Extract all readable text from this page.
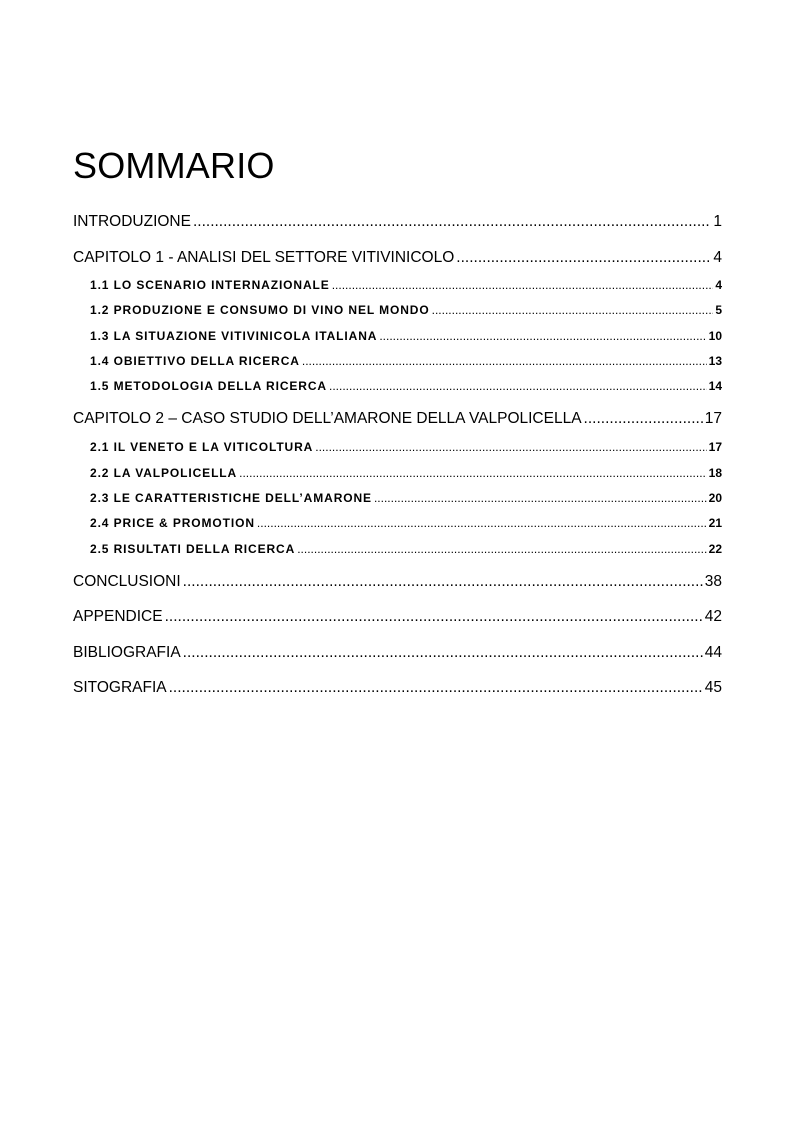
SOMMARIO
INTRODUZIONE .....	1
CAPITOLO 1 - ANALISI DEL SETTORE VITIVINICOLO .....	4
1.1 LO SCENARIO INTERNAZIONALE .....	4
1.2 PRODUZIONE E CONSUMO DI VINO NEL MONDO .....	5
1.3 LA SITUAZIONE VITIVINICOLA ITALIANA .....	10
1.4 OBIETTIVO DELLA RICERCA .....	13
1.5 METODOLOGIA DELLA RICERCA .....	14
CAPITOLO 2 – CASO STUDIO DELL’AMARONE DELLA VALPOLICELLA .....	17
2.1 IL VENETO E LA VITICOLTURA .....	17
2.2 LA VALPOLICELLA .....	18
2.3 LE CARATTERISTICHE DELL’AMARONE .....	20
2.4 PRICE & PROMOTION .....	21
2.5 RISULTATI DELLA RICERCA .....	22
CONCLUSIONI .....	38
APPENDICE .....	42
BIBLIOGRAFIA .....	44
SITOGRAFIA .....	45
